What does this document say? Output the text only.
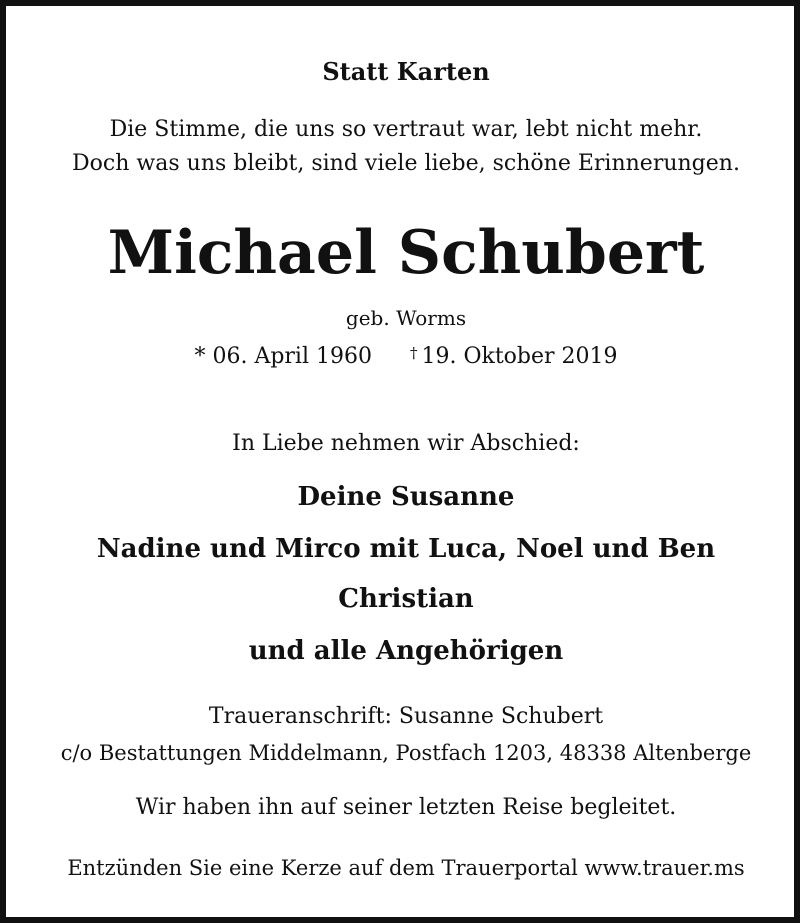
Statt Karten
Die Stimme, die uns so vertraut war, lebt nicht mehr.
Doch was uns bleibt, sind viele liebe, schöne Erinnerungen.
Michael Schubert
geb. Worms
* 06. April 1960	† 19. Oktober 2019
In Liebe nehmen wir Abschied:
Deine Susanne
Nadine und Mirco mit Luca, Noel und Ben
Christian
und alle Angehörigen
Traueranschrift: Susanne Schubert
c/o Bestattungen Middelmann, Postfach 1203, 48338 Altenberge
Wir haben ihn auf seiner letzten Reise begleitet.
Entzünden Sie eine Kerze auf dem Trauerportal www.trauer.ms
